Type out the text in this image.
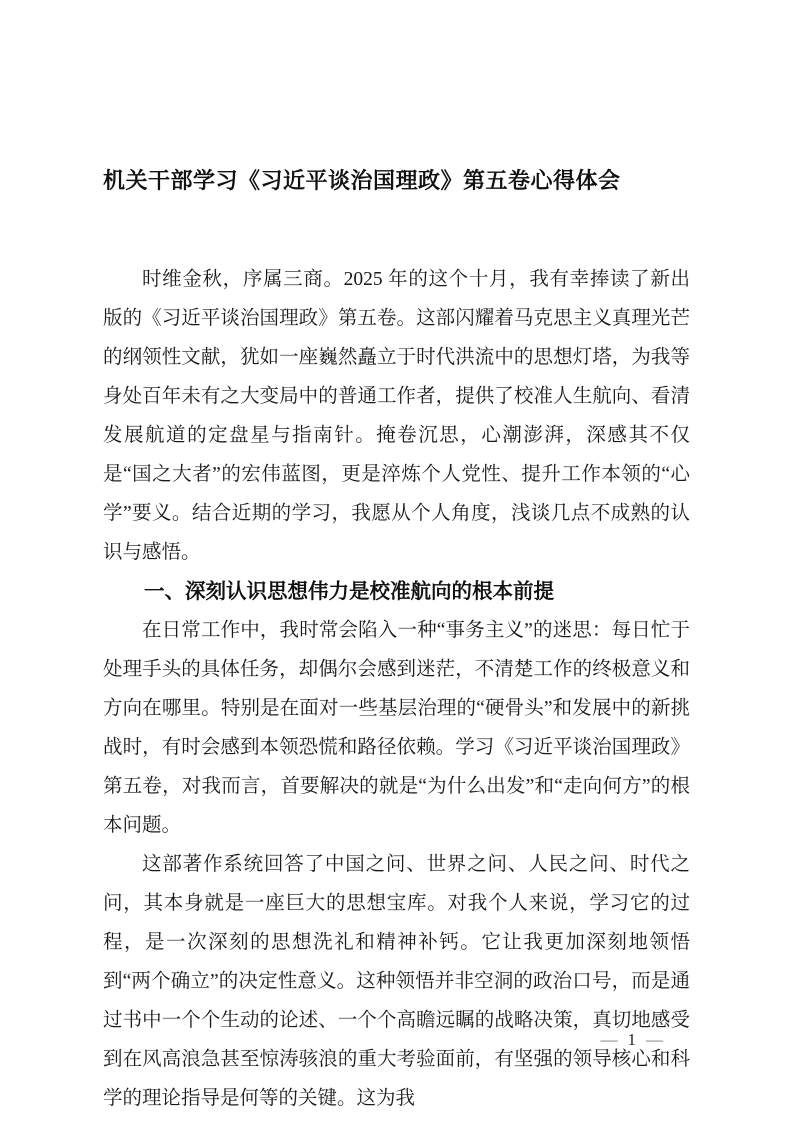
机关干部学习《习近平谈治国理政》第五卷心得体会

时维金秋，序属三商。2025 年的这个十月，我有幸捧读了新出版的《习近平谈治国理政》第五卷。这部闪耀着马克思主义真理光芒的纲领性文献，犹如一座巍然矗立于时代洪流中的思想灯塔，为我等身处百年未有之大变局中的普通工作者，提供了校准人生航向、看清发展航道的定盘星与指南针。掩卷沉思，心潮澎湃，深感其不仅是“国之大者”的宏伟蓝图，更是淬炼个人党性、提升工作本领的“心学”要义。结合近期的学习，我愿从个人角度，浅谈几点不成熟的认识与感悟。

一、深刻认识思想伟力是校准航向的根本前提

在日常工作中，我时常会陷入一种“事务主义”的迷思：每日忙于处理手头的具体任务，却偶尔会感到迷茫，不清楚工作的终极意义和方向在哪里。特别是在面对一些基层治理的“硬骨头”和发展中的新挑战时，有时会感到本领恐慌和路径依赖。学习《习近平谈治国理政》第五卷，对我而言，首要解决的就是“为什么出发”和“走向何方”的根本问题。

这部著作系统回答了中国之问、世界之问、人民之问、时代之问，其本身就是一座巨大的思想宝库。对我个人来说，学习它的过程，是一次深刻的思想洗礼和精神补钙。它让我更加深刻地领悟到“两个确立”的决定性意义。这种领悟并非空洞的政治口号，而是通过书中一个个生动的论述、一个个高瞻远瞩的战略决策，真切地感受到在风高浪急甚至惊涛骇浪的重大考验面前，有坚强的领导核心和科学的理论指导是何等的关键。这为我

— 1 —
